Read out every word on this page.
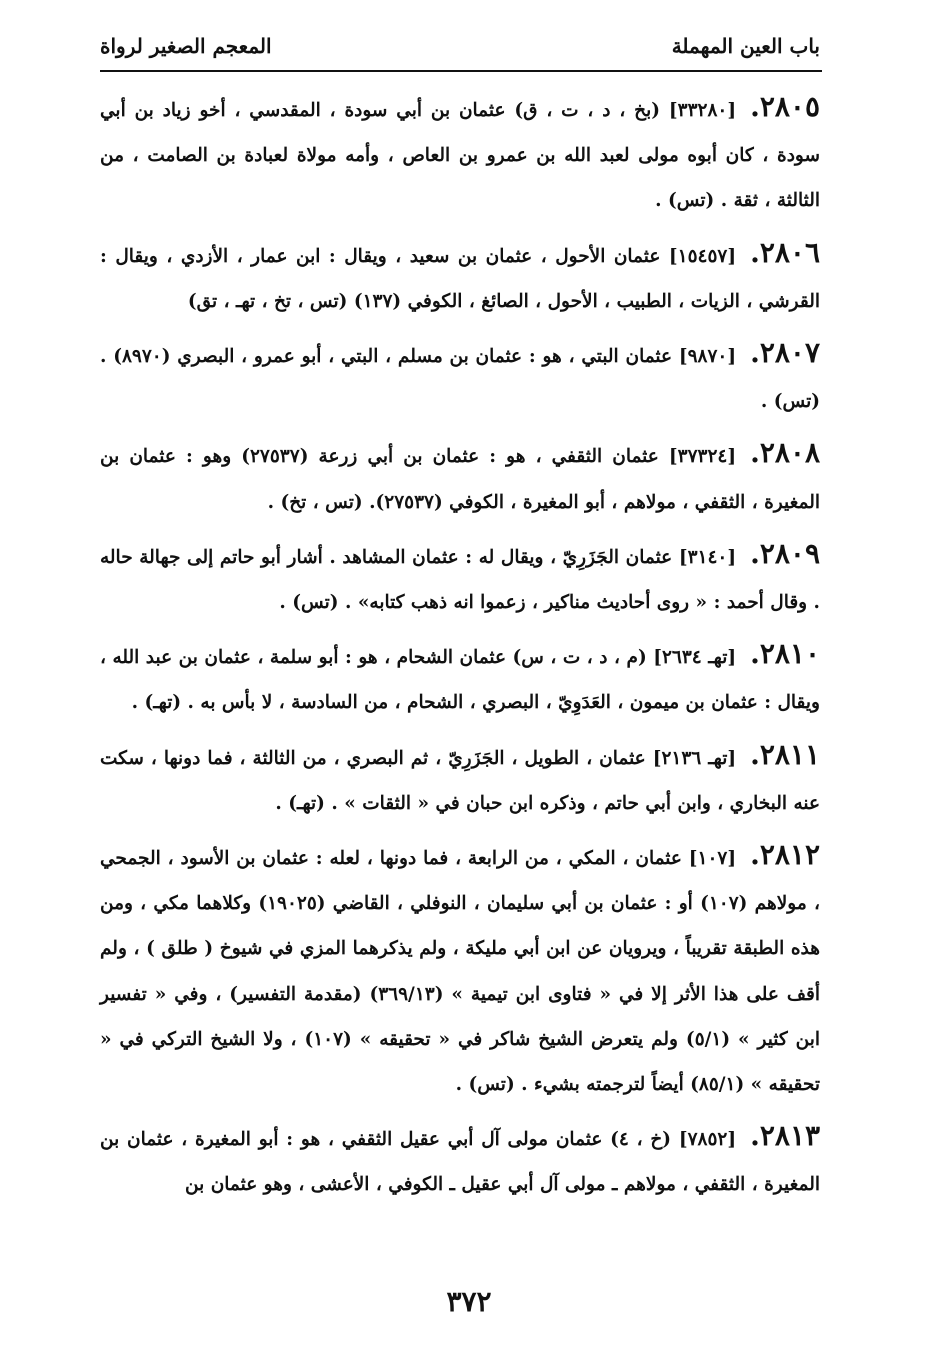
باب العين المهملة
المعجم الصغير لرواة
٢٨٠٥.[٣٣٢٨٠] (بخ ، د ، ت ، ق) عثمان بن أبي سودة ، المقدسي ، أخو زياد بن أبي سودة ، كان أبوه مولى لعبد الله بن عمرو بن العاص ، وأمه مولاة لعبادة بن الصامت ، من الثالثة ، ثقة . (تس) .
٢٨٠٦.[١٥٤٥٧] عثمان الأحول ، عثمان بن سعيد ، ويقال : ابن عمار ، الأزدي ، ويقال : القرشي ، الزيات ، الطبيب ، الأحول ، الصائغ ، الكوفي (١٣٧) (تس ، تخ ، تهـ ، تق)
٢٨٠٧.[٩٨٧٠] عثمان البتي ، هو : عثمان بن مسلم ، البتي ، أبو عمرو ، البصري (٨٩٧٠) . (تس) .
٢٨٠٨.[٣٧٣٢٤] عثمان الثقفي ، هو : عثمان بن أبي زرعة (٢٧٥٣٧) وهو : عثمان بن المغيرة ، الثقفي ، مولاهم ، أبو المغيرة ، الكوفي (٢٧٥٣٧). (تس ، تخ) .
٢٨٠٩.[٣١٤٠] عثمان الجَزَرِيّ ، ويقال له : عثمان المشاهد . أشار أبو حاتم إلى جهالة حاله . وقال أحمد : « روى أحاديث مناكير ، زعموا انه ذهب كتابه» . (تس) .
٢٨١٠.[تهـ ٢٦٣٤] (م ، د ، ت ، س) عثمان الشحام ، هو : أبو سلمة ، عثمان بن عبد الله ، ويقال : عثمان بن ميمون ، العَدَوِيّ ، البصري ، الشحام ، من السادسة ، لا بأس به . (تهـ) .
٢٨١١.[تهـ ٢١٣٦] عثمان ، الطويل ، الجَزَرِيّ ، ثم البصري ، من الثالثة ، فما دونها ، سكت عنه البخاري ، وابن أبي حاتم ، وذكره ابن حبان في « الثقات » . (تهـ) .
٢٨١٢.[١٠٧] عثمان ، المكي ، من الرابعة ، فما دونها ، لعله : عثمان بن الأسود ، الجمحي ، مولاهم (١٠٧) أو : عثمان بن أبي سليمان ، النوفلي ، القاضي (١٩٠٢٥) وكلاهما مكي ، ومن هذه الطبقة تقريباً ، ويرويان عن ابن أبي مليكة ، ولم يذكرهما المزي في شيوخ ( طلق ) ، ولم أقف على هذا الأثر إلا في « فتاوى ابن تيمية » (٣٦٩/١٣) (مقدمة التفسير) ، وفي « تفسير ابن كثير » (٥/١) ولم يتعرض الشيخ شاكر في « تحقيقه » (١٠٧) ، ولا الشيخ التركي في « تحقيقه » (٨٥/١) أيضاً لترجمته بشيء . (تس) .
٢٨١٣.[٧٨٥٢] (خ ، ٤) عثمان مولى آل أبي عقيل الثقفي ، هو : أبو المغيرة ، عثمان بن المغيرة ، الثقفي ، مولاهم ـ مولى آل أبي عقيل ـ الكوفي ، الأعشى ، وهو عثمان بن
٣٧٢
